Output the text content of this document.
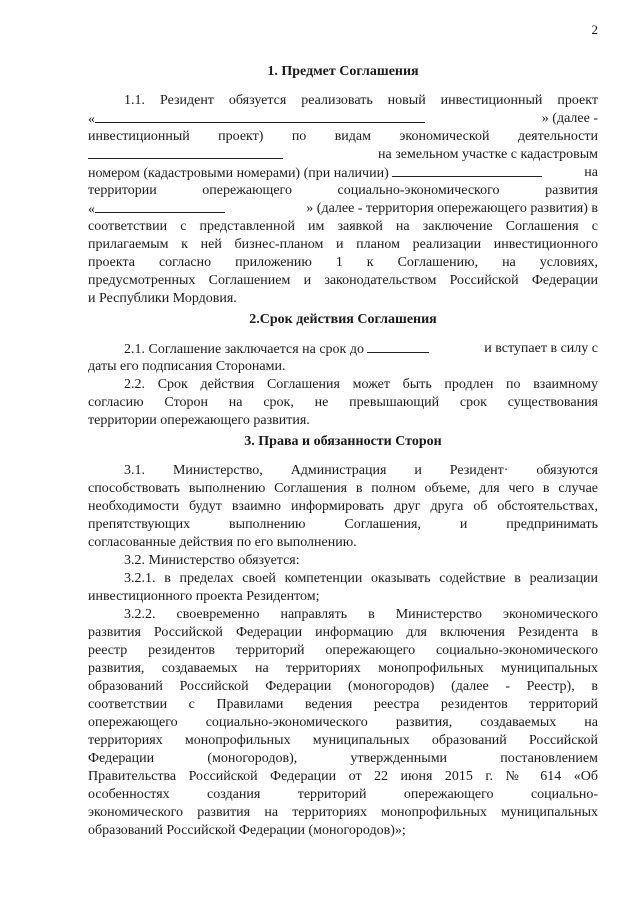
2
1. Предмет Соглашения
1.1. Резидент обязуется реализовать новый инвестиционный проект
«	» (далее -
инвестиционный проект) по видам экономической деятельности
на земельном участке с кадастровым
номером (кадастровыми номерами) (при наличии)	на
территории опережающего социально-экономического развития
«	» (далее - территория опережающего развития) в
соответствии с представленной им заявкой на заключение Соглашения с
прилагаемым к ней бизнес-планом и планом реализации инвестиционного
проекта согласно приложению 1 к Соглашению, на условиях,
предусмотренных Соглашением и законодательством Российской Федерации
и Республики Мордовия.
2.Срок действия Соглашения
2.1. Соглашение заключается на срок до	и вступает в силу с
даты его подписания Сторонами.
2.2. Срок действия Соглашения может быть продлен по взаимному
согласию Сторон на срок, не превышающий срок существования
территории опережающего развития.
3. Права и обязанности Сторон
3.1. Министерство, Администрация и Резидент· обязуются
способствовать выполнению Соглашения в полном объеме, для чего в случае
необходимости будут взаимно информировать друг друга об обстоятельствах,
препятствующих выполнению Соглашения, и предпринимать
согласованные действия по его выполнению.
3.2. Министерство обязуется:
3.2.1. в пределах своей компетенции оказывать содействие в реализации
инвестиционного проекта Резидентом;
3.2.2. своевременно направлять в Министерство экономического
развития Российской Федерации информацию для включения Резидента в
реестр резидентов территорий опережающего социально-экономического
развития, создаваемых на территориях монопрофильных муниципальных
образований Российской Федерации (моногородов) (далее - Реестр), в
соответствии с Правилами ведения реестра резидентов территорий
опережающего социально-экономического развития, создаваемых на
территориях монопрофильных муниципальных образований Российской
Федерации (моногородов), утвержденными постановлением
Правительства Российской Федерации от 22 июня 2015 г. № 614 «Об
особенностях создания территорий опережающего социально-
экономического развития на территориях монопрофильных муниципальных
образований Российской Федерации (моногородов)»;
